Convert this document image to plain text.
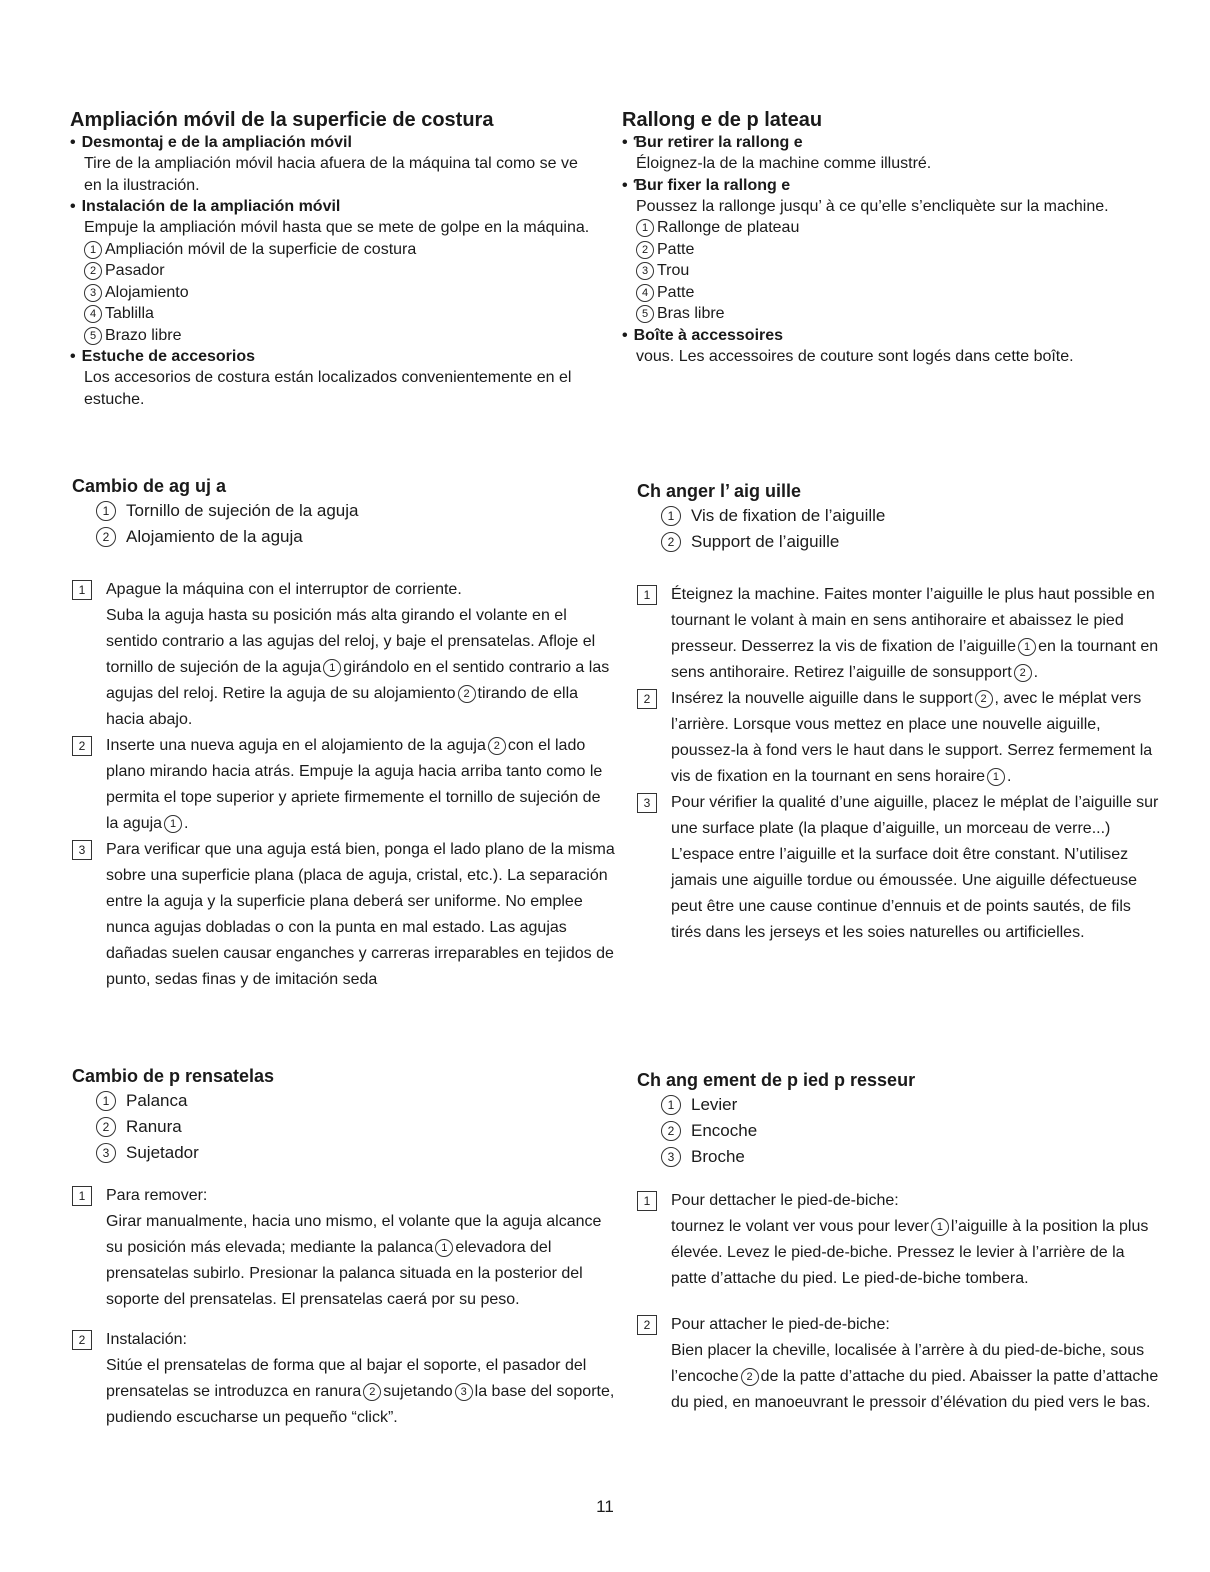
Ampliación móvil de la superficie de costura
• Desmontaj e de la ampliación móvil
Tire de la ampliación móvil hacia afuera de la máquina tal como se ve en la ilustración.
• Instalación de la ampliación móvil
Empuje la ampliación móvil hasta que se mete de golpe en la máquina.
1 Ampliación móvil de la superficie de costura
2 Pasador
3 Alojamiento
4 Tablilla
5 Brazo libre
• Estuche de accesorios
Los accesorios de costura están localizados convenientemente en el estuche.
Rallong e de p lateau
• Ɓur retirer la rallong e
Éloignez-la de la machine comme illustré.
• Ɓur fixer la rallong e
Poussez la rallonge jusqu’ à ce qu’elle s’encliquète sur la machine.
1 Rallonge de plateau
2 Patte
3 Trou
4 Patte
5 Bras libre
• Boîte à accessoires
vous. Les accessoires de couture sont logés dans cette boîte.
Cambio de ag uj a
1 Tornillo de sujeción de la aguja
2 Alojamiento de la aguja
1	Apague la máquina con el interruptor de corriente.
Suba la aguja hasta su posición más alta girando el volante en el sentido contrario a las agujas del reloj, y baje el prensatelas. Afloje el tornillo de sujeción de la aguja 1 girándolo en el sentido contrario a las agujas del reloj. Retire la aguja de su alojamiento 2 tirando de ella hacia abajo.
2	Inserte una nueva aguja en el alojamiento de la aguja 2 con el lado plano mirando hacia atrás. Empuje la aguja hacia arriba tanto como le permita el tope superior y apriete firmemente el tornillo de sujeción de la aguja 1 .
3	Para verificar que una aguja está bien, ponga el lado plano de la misma sobre una superficie plana (placa de aguja, cristal, etc.). La separación entre la aguja y la superficie plana deberá ser uniforme. No emplee nunca agujas dobladas o con la punta en mal estado. Las agujas dañadas suelen causar enganches y carreras irreparables en tejidos de punto, sedas finas y de imitación seda
Ch anger l’ aig uille
1 Vis de fixation de l’aiguille
2 Support de l’aiguille
1	Éteignez la machine. Faites monter l’aiguille le plus haut possible en tournant le volant à main en sens antihoraire et abaissez le pied presseur. Desserrez la vis de fixation de l’aiguille 1 en la tournant en sens antihoraire. Retirez l’aiguille de sonsupport 2 .
2	Insérez la nouvelle aiguille dans le support 2 , avec le méplat vers l’arrière. Lorsque vous mettez en place une nouvelle aiguille, poussez-la à fond vers le haut dans le support. Serrez fermement la vis de fixation en la tournant en sens horaire 1 .
3	Pour vérifier la qualité d’une aiguille, placez le méplat de l’aiguille sur une surface plate (la plaque d’aiguille, un morceau de verre...) L’espace entre l’aiguille et la surface doit être constant. N’utilisez jamais une aiguille tordue ou émoussée. Une aiguille défectueuse peut être une cause continue d’ennuis et de points sautés, de fils tirés dans les jerseys et les soies naturelles ou artificielles.
Cambio de p rensatelas
1 Palanca
2 Ranura
3 Sujetador
1	Para remover:
Girar manualmente, hacia uno mismo, el volante que la aguja alcance su posición más elevada; mediante la palanca 1 elevadora del prensatelas subirlo. Presionar la palanca situada en la posterior del soporte del prensatelas. El prensatelas caerá por su peso.
2	Instalación:
Sitúe el prensatelas de forma que al bajar el soporte, el pasador del prensatelas se introduzca en ranura 2 sujetando 3 la base del soporte, pudiendo escucharse un pequeño “click”.
Ch ang ement de p ied p resseur
1 Levier
2 Encoche
3 Broche
1	Pour dettacher le pied-de-biche:
tournez le volant ver vous pour lever 1 l’aiguille à la position la plus élevée. Levez le pied-de-biche. Pressez le levier à l’arrière de la patte d’attache du pied. Le pied-de-biche tombera.
2	Pour attacher le pied-de-biche:
Bien placer la cheville, localisée à l’arrère à du pied-de-biche, sous l’encoche 2 de la patte d’attache du pied. Abaisser la patte d’attache du pied, en manoeuvrant le pressoir d’élévation du pied vers le bas.
11
